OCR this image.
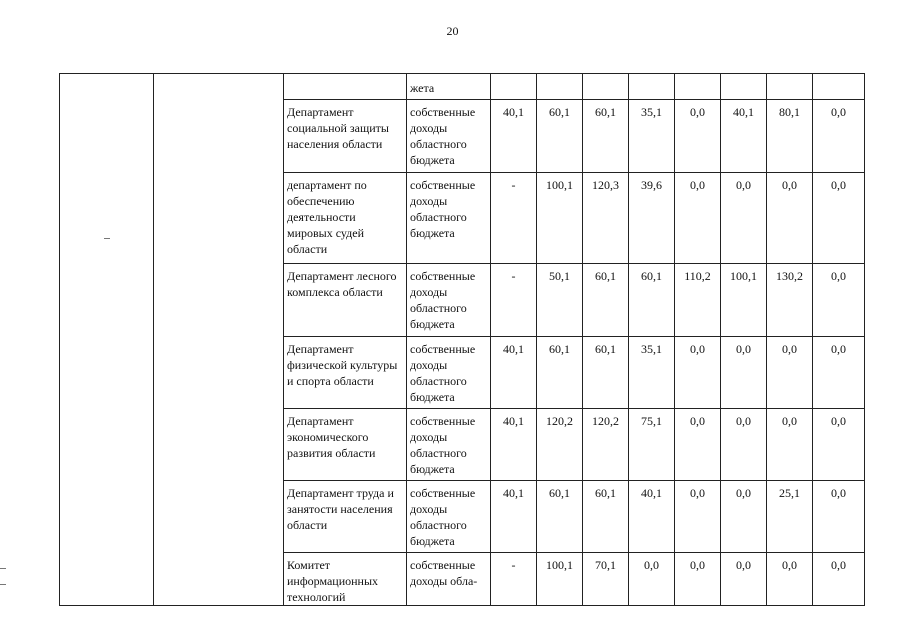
20
			жета								
		Департамент социальной защиты населения области	собственные доходы областного бюджета	40,1	60,1	60,1	35,1	0,0	40,1	80,1	0,0
		департамент по обеспечению деятельности мировых судей области	собственные доходы областного бюджета	-	100,1	120,3	39,6	0,0	0,0	0,0	0,0
		Департамент лесного комплекса области	собственные доходы областного бюджета	-	50,1	60,1	60,1	110,2	100,1	130,2	0,0
		Департамент физической культуры и спорта области	собственные доходы областного бюджета	40,1	60,1	60,1	35,1	0,0	0,0	0,0	0,0
		Департамент экономического развития области	собственные доходы областного бюджета	40,1	120,2	120,2	75,1	0,0	0,0	0,0	0,0
		Департамент труда и занятости населения области	собственные доходы областного бюджета	40,1	60,1	60,1	40,1	0,0	0,0	25,1	0,0
		Комитет информационных технологий	собственные доходы обла-	-	100,1	70,1	0,0	0,0	0,0	0,0	0,0
